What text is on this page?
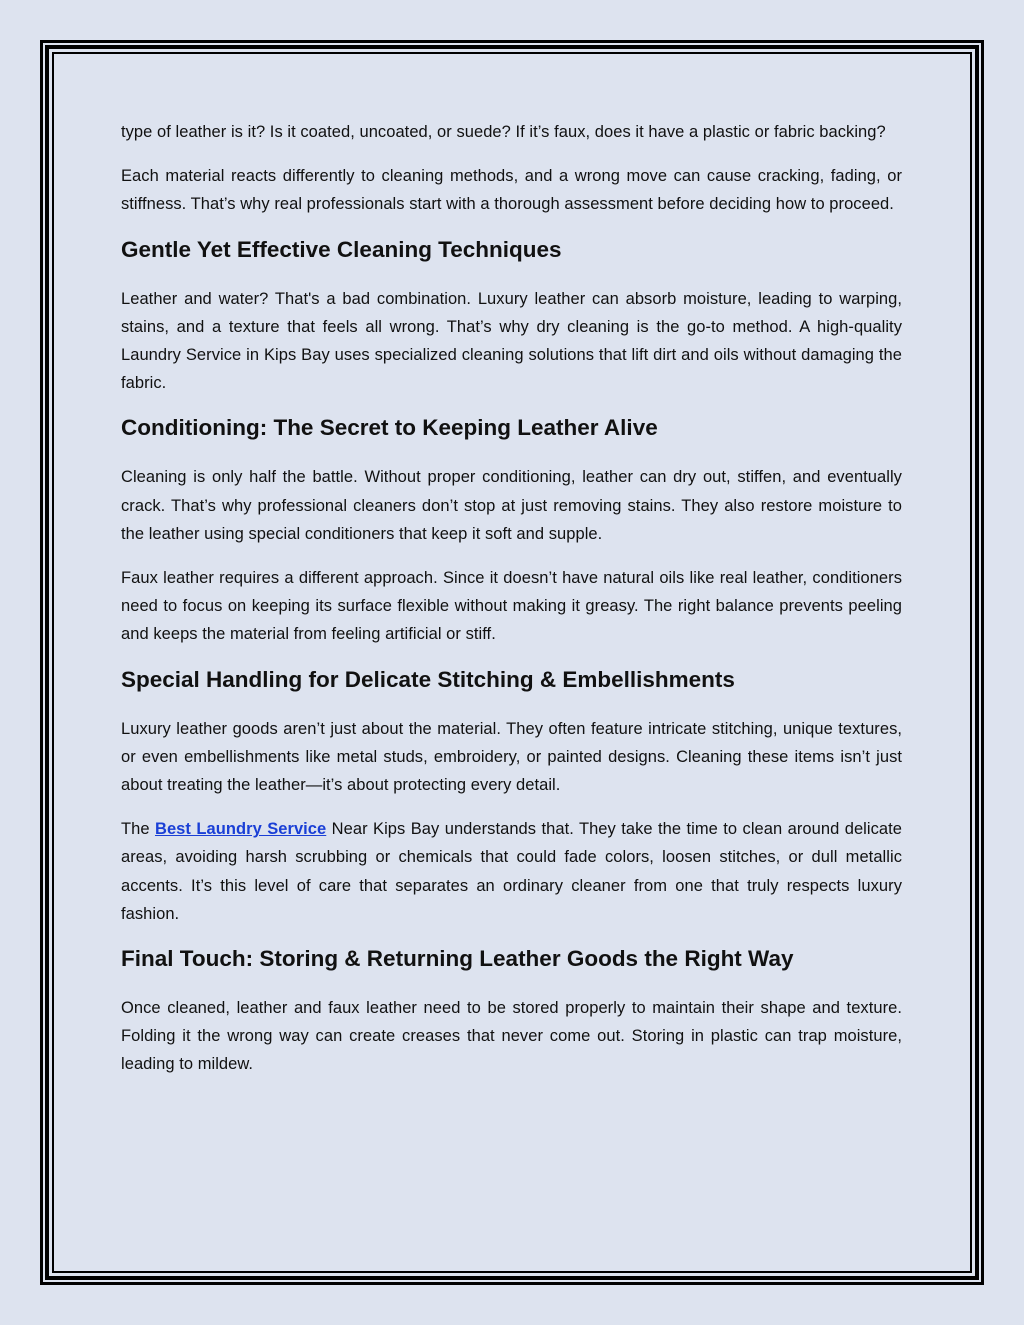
type of leather is it? Is it coated, uncoated, or suede? If it’s faux, does it have a plastic or fabric backing?

Each material reacts differently to cleaning methods, and a wrong move can cause cracking, fading, or stiffness. That’s why real professionals start with a thorough assessment before deciding how to proceed.

Gentle Yet Effective Cleaning Techniques

Leather and water? That's a bad combination. Luxury leather can absorb moisture, leading to warping, stains, and a texture that feels all wrong. That’s why dry cleaning is the go-to method. A high-quality Laundry Service in Kips Bay uses specialized cleaning solutions that lift dirt and oils without damaging the fabric.

Conditioning: The Secret to Keeping Leather Alive

Cleaning is only half the battle. Without proper conditioning, leather can dry out, stiffen, and eventually crack. That’s why professional cleaners don’t stop at just removing stains. They also restore moisture to the leather using special conditioners that keep it soft and supple.

Faux leather requires a different approach. Since it doesn’t have natural oils like real leather, conditioners need to focus on keeping its surface flexible without making it greasy. The right balance prevents peeling and keeps the material from feeling artificial or stiff.

Special Handling for Delicate Stitching & Embellishments

Luxury leather goods aren’t just about the material. They often feature intricate stitching, unique textures, or even embellishments like metal studs, embroidery, or painted designs. Cleaning these items isn’t just about treating the leather—it’s about protecting every detail.

The Best Laundry Service Near Kips Bay understands that. They take the time to clean around delicate areas, avoiding harsh scrubbing or chemicals that could fade colors, loosen stitches, or dull metallic accents. It’s this level of care that separates an ordinary cleaner from one that truly respects luxury fashion.

Final Touch: Storing & Returning Leather Goods the Right Way

Once cleaned, leather and faux leather need to be stored properly to maintain their shape and texture. Folding it the wrong way can create creases that never come out. Storing in plastic can trap moisture, leading to mildew.
